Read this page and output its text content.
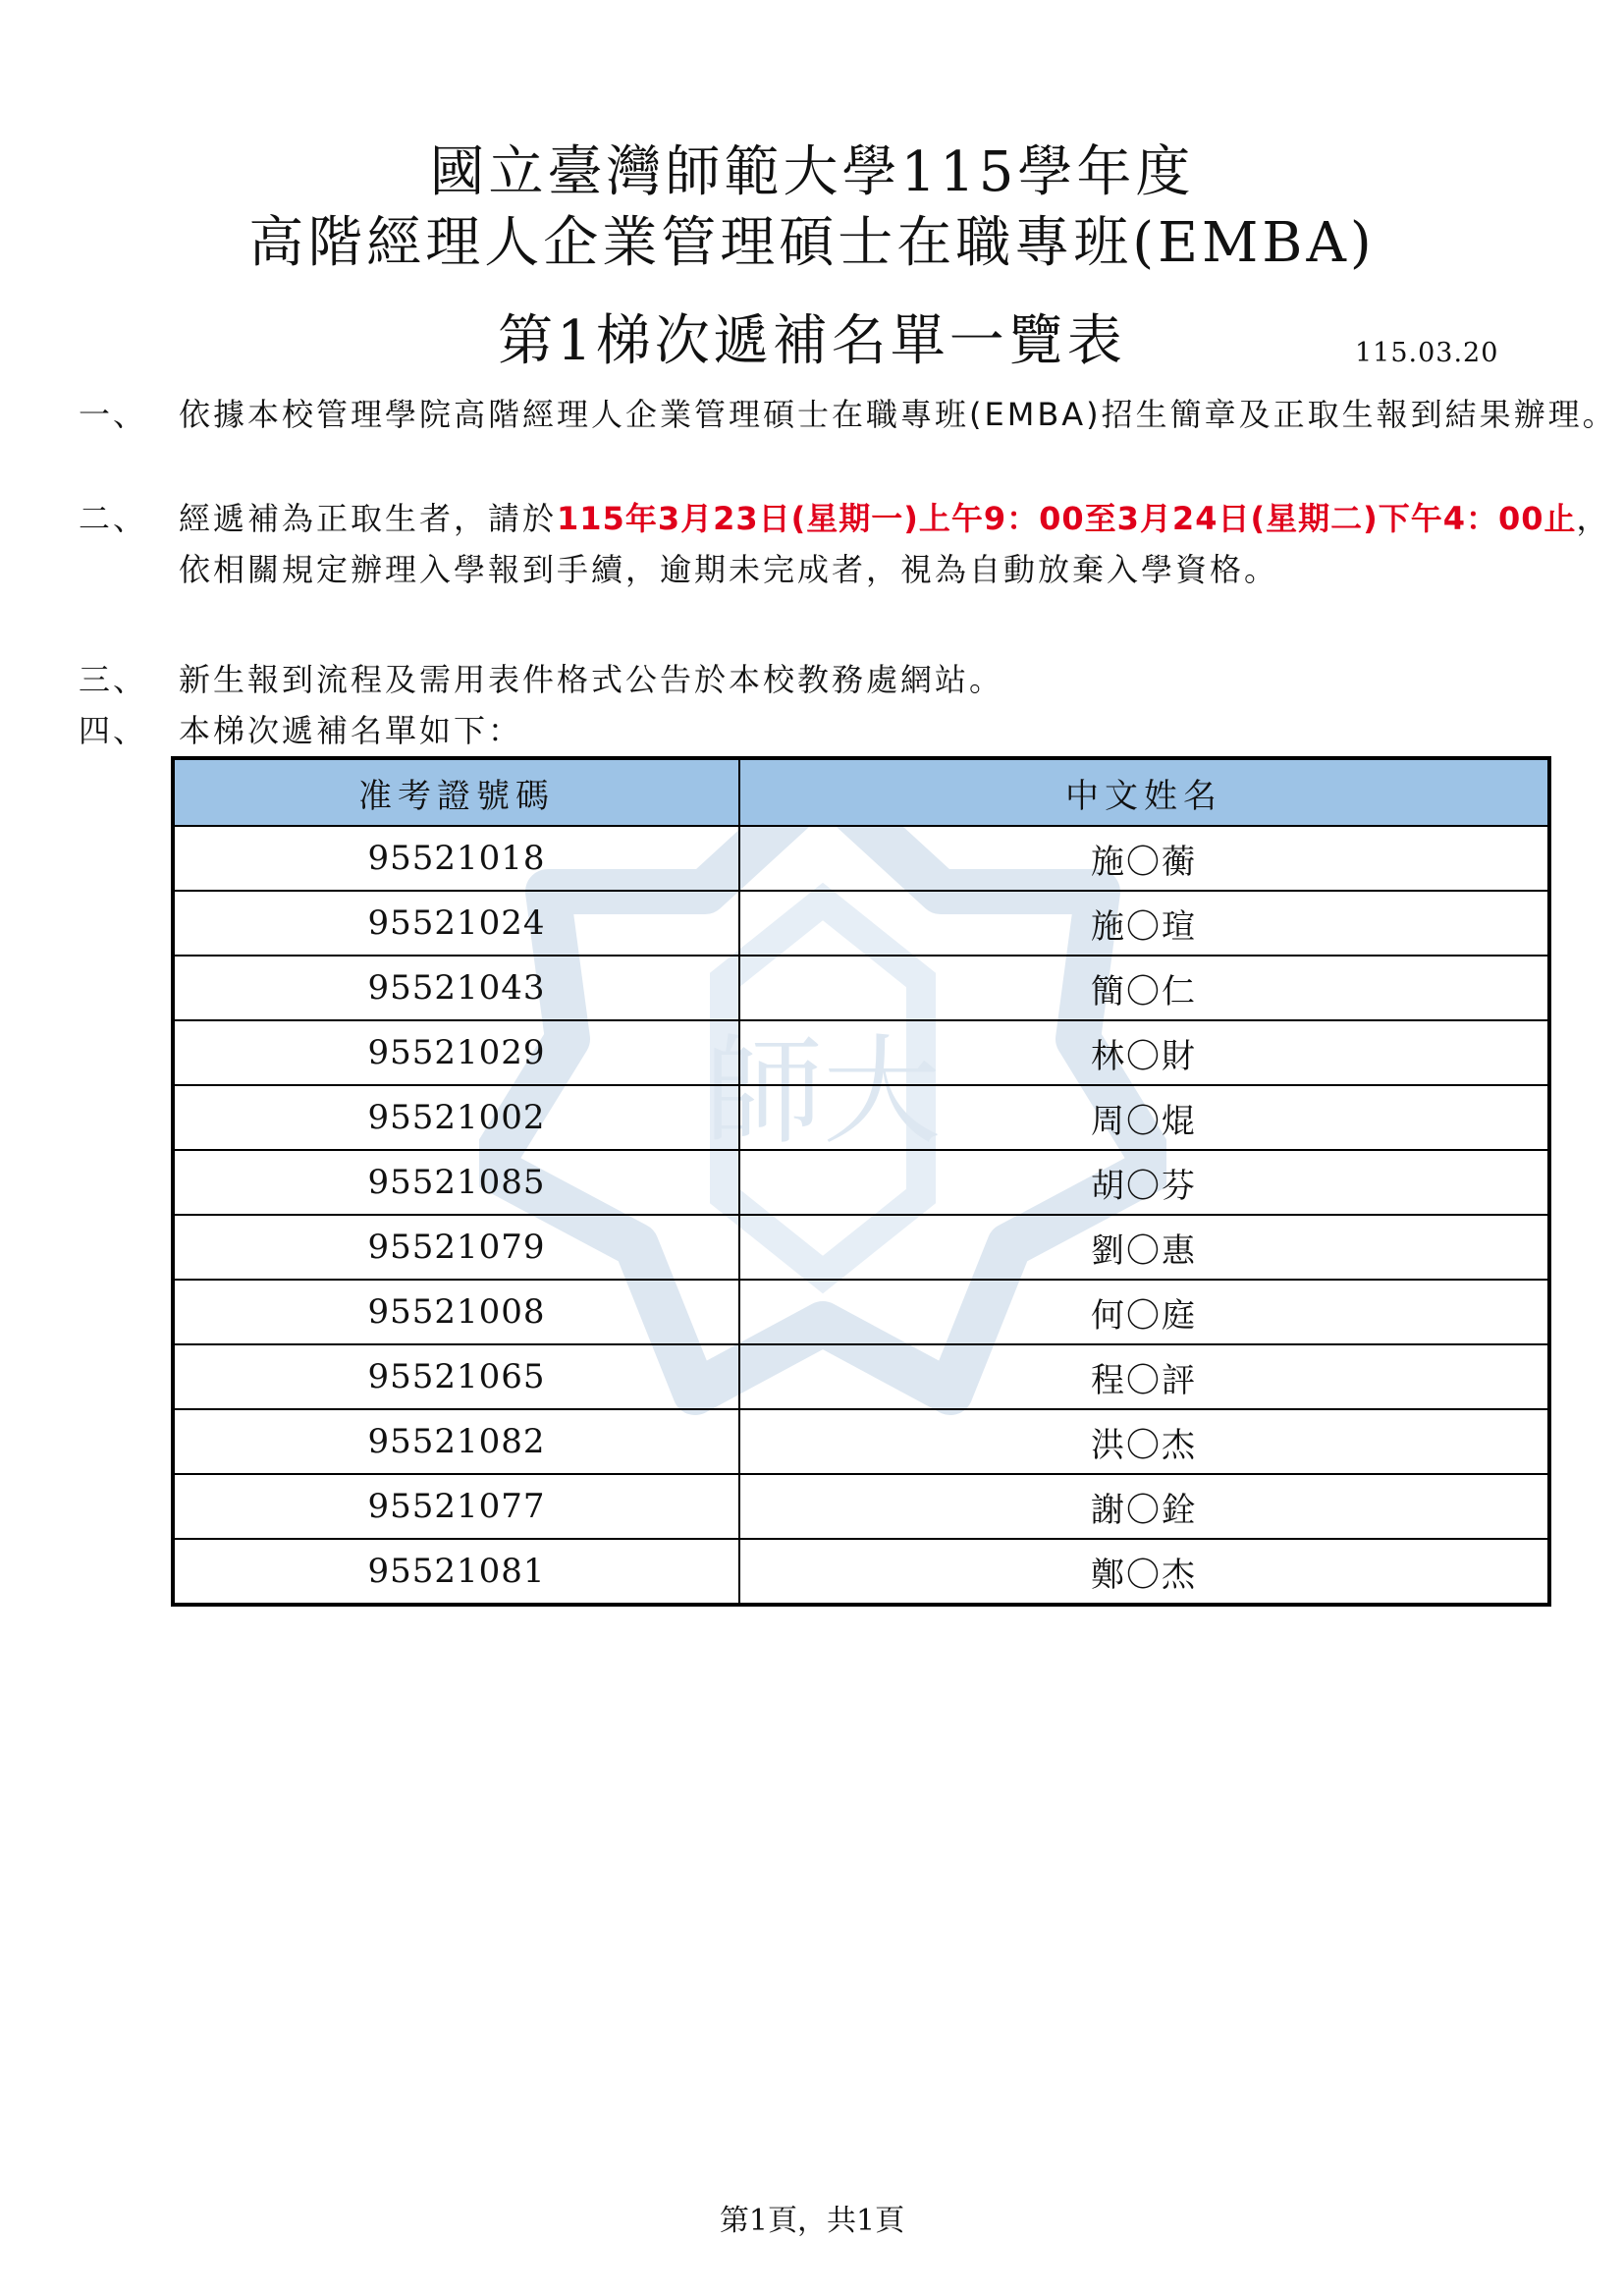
國立臺灣師範大學115學年度
高階經理人企業管理碩士在職專班(EMBA)
第1梯次遞補名單一覽表	115.03.20
一、 依據本校管理學院高階經理人企業管理碩士在職專班(EMBA)招生簡章及正取生報到結果辦理。
二、 經遞補為正取生者，請於115年3月23日(星期一)上午9：00至3月24日(星期二)下午4：00止，依相關規定辦理入學報到手續，逾期未完成者，視為自動放棄入學資格。
三、 新生報到流程及需用表件格式公告於本校教務處網站。
四、 本梯次遞補名單如下：
師大
准考證號碼	中文姓名
95521018	施〇蘅
95521024	施〇瑄
95521043	簡〇仁
95521029	林〇財
95521002	周〇焜
95521085	胡〇芬
95521079	劉〇惠
95521008	何〇庭
95521065	程〇評
95521082	洪〇杰
95521077	謝〇銓
95521081	鄭〇杰
第1頁，共1頁
